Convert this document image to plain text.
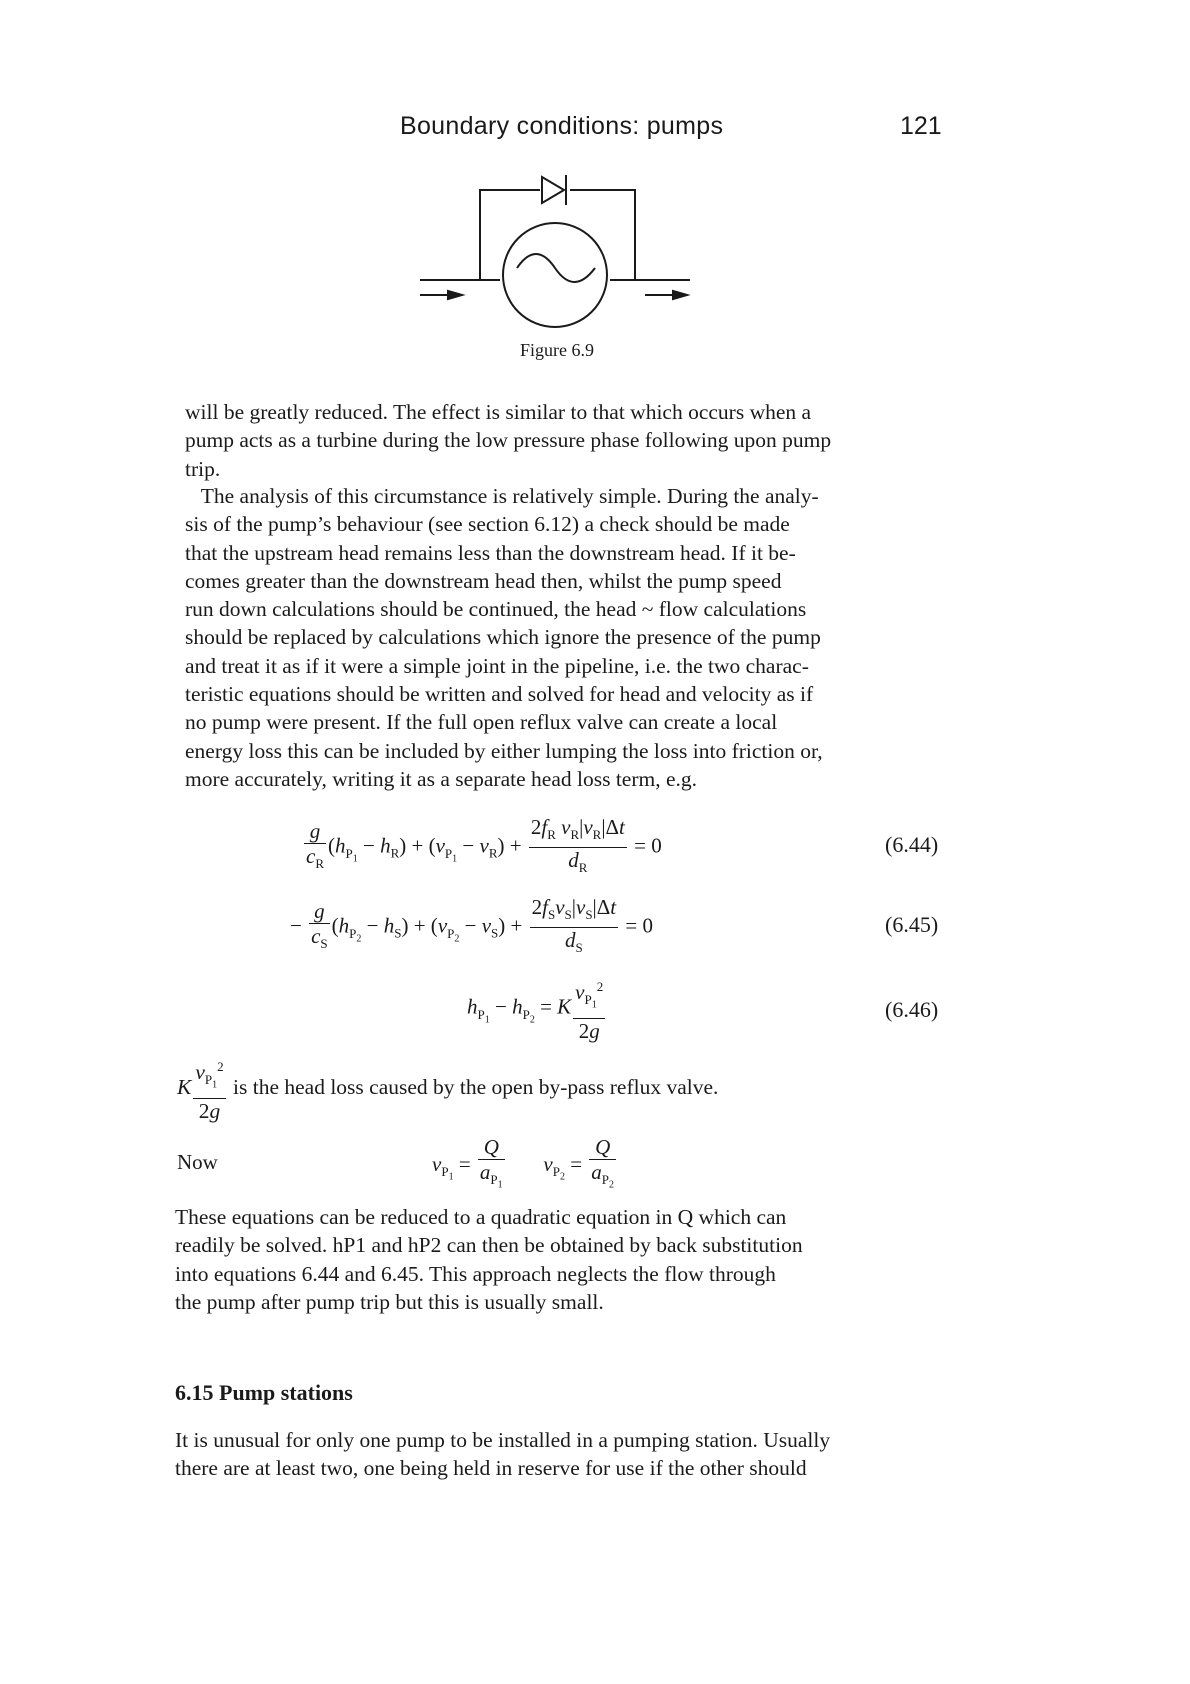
Boundary conditions: pumps	121
Figure 6.9
will be greatly reduced. The effect is similar to that which occurs when a
pump acts as a turbine during the low pressure phase following upon pump
trip.
The analysis of this circumstance is relatively simple. During the analy-
sis of the pump’s behaviour (see section 6.12) a check should be made
that the upstream head remains less than the downstream head. If it be-
comes greater than the downstream head then, whilst the pump speed
run down calculations should be continued, the head ~ flow calculations
should be replaced by calculations which ignore the presence of the pump
and treat it as if it were a simple joint in the pipeline, i.e. the two charac-
teristic equations should be written and solved for head and velocity as if
no pump were present. If the full open reflux valve can create a local
energy loss this can be included by either lumping the loss into friction or,
more accurately, writing it as a separate head loss term, e.g.
$\frac{g}{c_R} (h_{P_1} - h_R) + (v_{P_1} - v_R) + \frac{2f_R v_R|v_R|\Delta t}{d_R} = 0$	(6.44)
− $\frac{g}{c_S} (h_{P_2} - h_S) + (v_{P_2} - v_S) + \frac{2f_Sv_S|v_S|\Delta t}{d_S} = 0$	(6.45)
$h_{P_1} - h_{P_2} = K \frac{v_{P_1}^2}{2g}$	(6.46)
K $\frac{v_{P_1}^2}{2g}$ is the head loss caused by the open by-pass reflux valve.
Now	$v_{P_1} = \frac{Q}{a_{P_1}} v_{P_2} = \frac{Q}{a_{P_2}}$
These equations can be reduced to a quadratic equation in Q which can
readily be solved. hP1 and hP2 can then be obtained by back substitution
into equations 6.44 and 6.45. This approach neglects the flow through
the pump after pump trip but this is usually small.
6.15 Pump stations
It is unusual for only one pump to be installed in a pumping station. Usually
there are at least two, one being held in reserve for use if the other should
